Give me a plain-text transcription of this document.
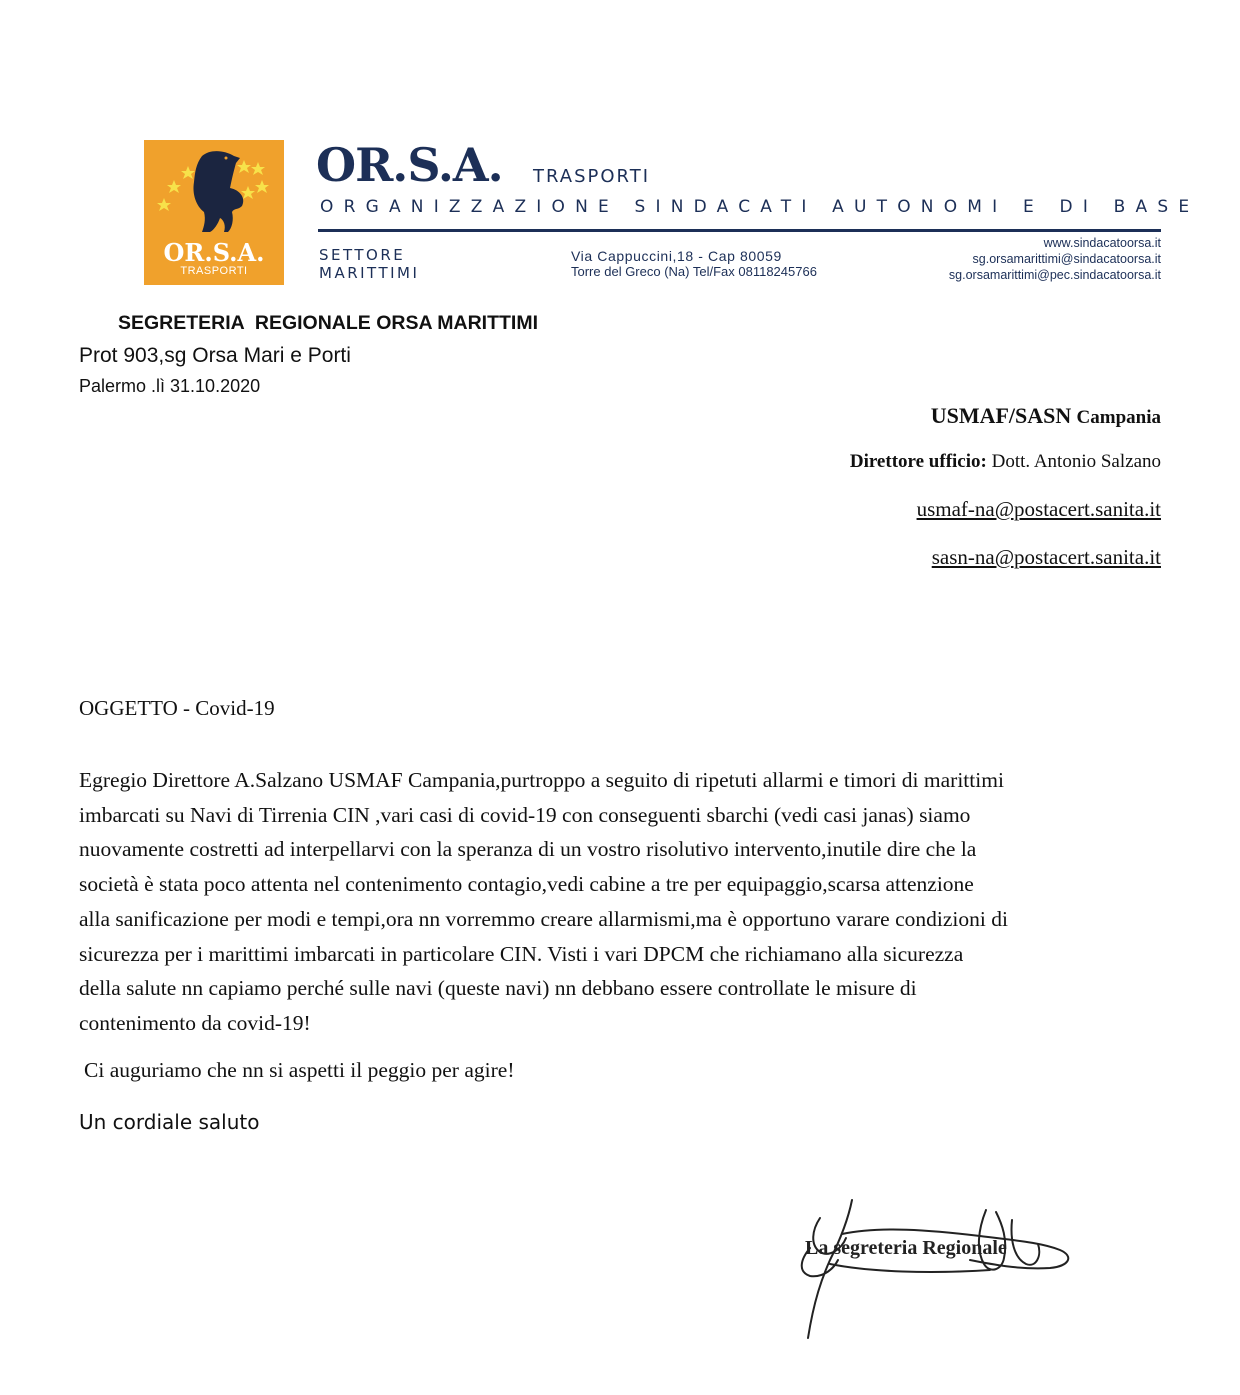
OR.S.A.
TRASPORTI
OR.S.A. TRASPORTI
ORGANIZZAZIONE SINDACATI AUTONOMI E DI BASE
SETTORE
MARITTIMI
Via Cappuccini,18 - Cap 80059
Torre del Greco (Na) Tel/Fax 08118245766
www.sindacatoorsa.it
sg.orsamarittimi@sindacatoorsa.it
sg.orsamarittimi@pec.sindacatoorsa.it
SEGRETERIA  REGIONALE ORSA MARITTIMI
Prot 903,sg Orsa Mari e Porti
Palermo .lì 31.10.2020
USMAF/SASN Campania
Direttore ufficio: Dott. Antonio Salzano
usmaf-na@postacert.sanita.it
sasn-na@postacert.sanita.it
OGGETTO - Covid-19
Egregio Direttore A.Salzano USMAF Campania,purtroppo a seguito di ripetuti allarmi e timori di marittimi
imbarcati su Navi di Tirrenia CIN ,vari casi di covid-19 con conseguenti sbarchi (vedi casi janas) siamo
nuovamente costretti ad interpellarvi con la speranza di un vostro risolutivo intervento,inutile dire che la
società è stata poco attenta nel contenimento contagio,vedi cabine a tre per equipaggio,scarsa attenzione
alla sanificazione per modi e tempi,ora nn vorremmo creare allarmismi,ma è opportuno varare condizioni di
sicurezza per i marittimi imbarcati in particolare CIN. Visti i vari DPCM che richiamano alla sicurezza
della salute nn capiamo perché sulle navi (queste navi) nn debbano essere controllate le misure di
contenimento da covid-19!
Ci auguriamo che nn si aspetti il peggio per agire!
Un cordiale saluto
La segreteria Regionale
